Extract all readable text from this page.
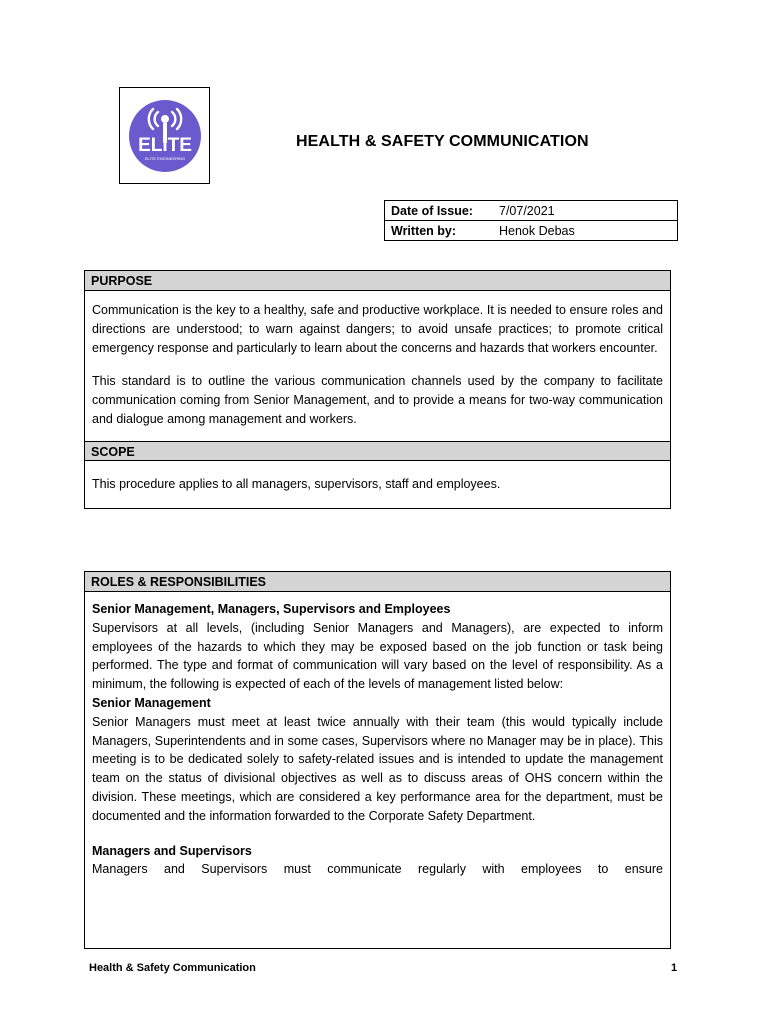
ELITE
ELITE ENGINEERING
HEALTH & SAFETY COMMUNICATION
Date of Issue:	7/07/2021
Written by:	Henok Debas
PURPOSE

Communication is the key to a healthy, safe and productive workplace. It is needed to ensure roles and directions are understood; to warn against dangers; to avoid unsafe practices; to promote critical emergency response and particularly to learn about the concerns and hazards that workers encounter.

This standard is to outline the various communication channels used by the company to facilitate communication coming from Senior Management, and to provide a means for two-way communication and dialogue among management and workers.

SCOPE

This procedure applies to all managers, supervisors, staff and employees.

ROLES & RESPONSIBILITIES
Senior Management, Managers, Supervisors and Employees
Supervisors at all levels, (including Senior Managers and Managers), are expected to inform employees of the hazards to which they may be exposed based on the job function or task being performed. The type and format of communication will vary based on the level of responsibility. As a minimum, the following is expected of each of the levels of management listed below:
Senior Management
Senior Managers must meet at least twice annually with their team (this would typically include Managers, Superintendents and in some cases, Supervisors where no Manager may be in place). This meeting is to be dedicated solely to safety-related issues and is intended to update the management team on the status of divisional objectives as well as to discuss areas of OHS concern within the division. These meetings, which are considered a key performance area for the department, must be documented and the information forwarded to the Corporate Safety Department.
Managers and Supervisors
Managers and Supervisors must communicate regularly with employees to ensure
Health & Safety Communication	1
